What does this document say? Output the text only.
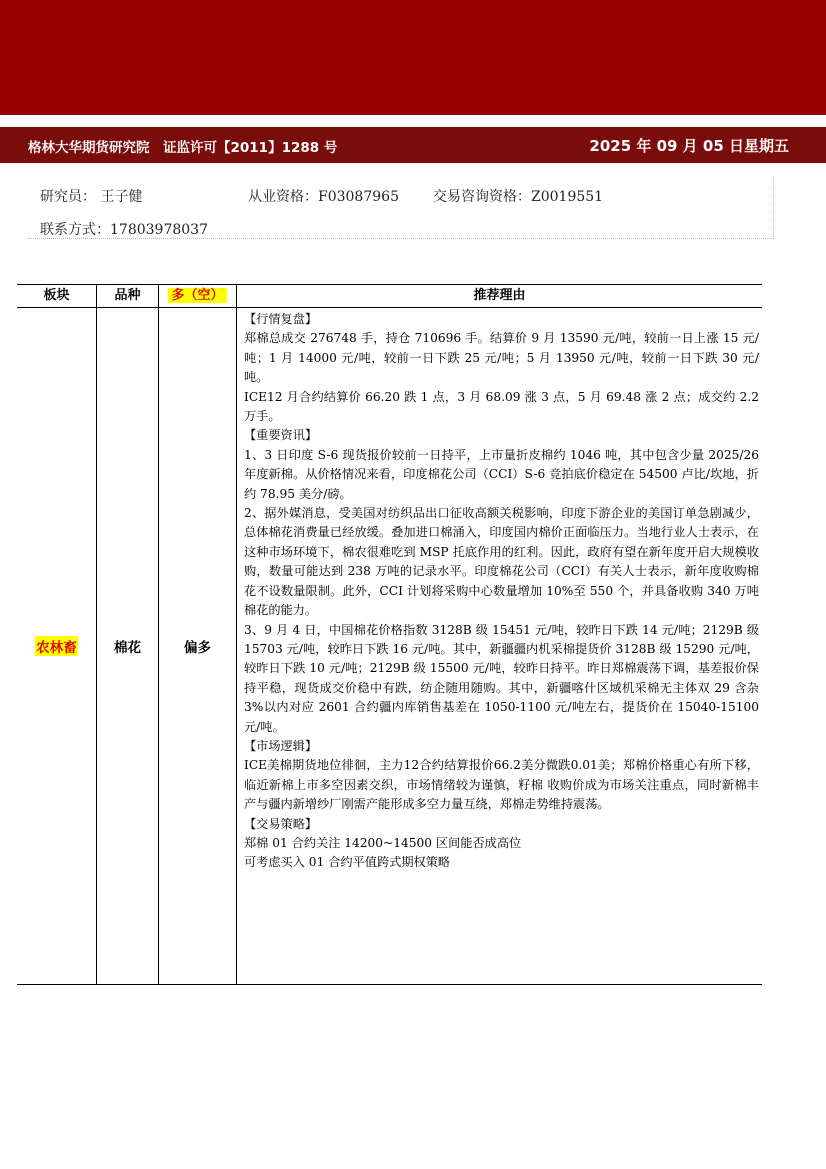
格林大华期货研究院　证监许可【2011】1288 号	2025 年 09 月 05 日星期五
研究员： 王子健	从业资格：F03087965 交易咨询资格：Z0019551
联系方式：17803978037
板块	品种	多（空）	推荐理由
农林畜	棉花	偏多

【行情复盘】

郑棉总成交 276748 手，持仓 710696 手。结算价 9 月 13590 元/吨，较前一日上涨 15 元/吨；1 月 14000 元/吨，较前一日下跌 25 元/吨；5 月 13950 元/吨，较前一日下跌 30 元/吨。

ICE12 月合约结算价 66.20 跌 1 点，3 月 68.09 涨 3 点，5 月 69.48 涨 2 点；成交约 2.2 万手。

【重要资讯】

1、3 日印度 S-6 现货报价较前一日持平，上市量折皮棉约 1046 吨，其中包含少量 2025/26 年度新棉。从价格情况来看，印度棉花公司（CCI）S-6 竞拍底价稳定在 54500 卢比/坎地，折约 78.95 美分/磅。

2、据外媒消息，受美国对纺织品出口征收高额关税影响，印度下游企业的美国订单急剧减少，总体棉花消费量已经放缓。叠加进口棉涌入，印度国内棉价正面临压力。当地行业人士表示，在这种市场环境下，棉农很难吃到 MSP 托底作用的红利。因此，政府有望在新年度开启大规模收购，数量可能达到 238 万吨的记录水平。印度棉花公司（CCI）有关人士表示，新年度收购棉花不设数量限制。此外，CCI 计划将采购中心数量增加 10%至 550 个，并具备收购 340 万吨棉花的能力。

3、9 月 4 日，中国棉花价格指数 3128B 级 15451 元/吨，较昨日下跌 14 元/吨；2129B 级 15703 元/吨，较昨日下跌 16 元/吨。其中，新疆疆内机采棉提货价 3128B 级 15290 元/吨，较昨日下跌 10 元/吨；2129B 级 15500 元/吨，较昨日持平。昨日郑棉震荡下调，基差报价保持平稳，现货成交价稳中有跌，纺企随用随购。其中，新疆喀什区域机采棉无主体双 29 含杂 3%以内对应 2601 合约疆内库销售基差在 1050-1100 元/吨左右，提货价在 15040-15100 元/吨。

【市场逻辑】

ICE美棉期货地位徘徊，主力12合约结算报价66.2美分微跌0.01美；郑棉价格重心有所下移，临近新棉上市多空因素交织，市场情绪较为谨慎，籽棉 收购价成为市场关注重点，同时新棉丰产与疆内新增纱厂刚需产能形成多空力量互绕，郑棉走势维持震荡。

【交易策略】

郑棉 01 合约关注 14200~14500 区间能否成高位

可考虑买入 01 合约平值跨式期权策略
